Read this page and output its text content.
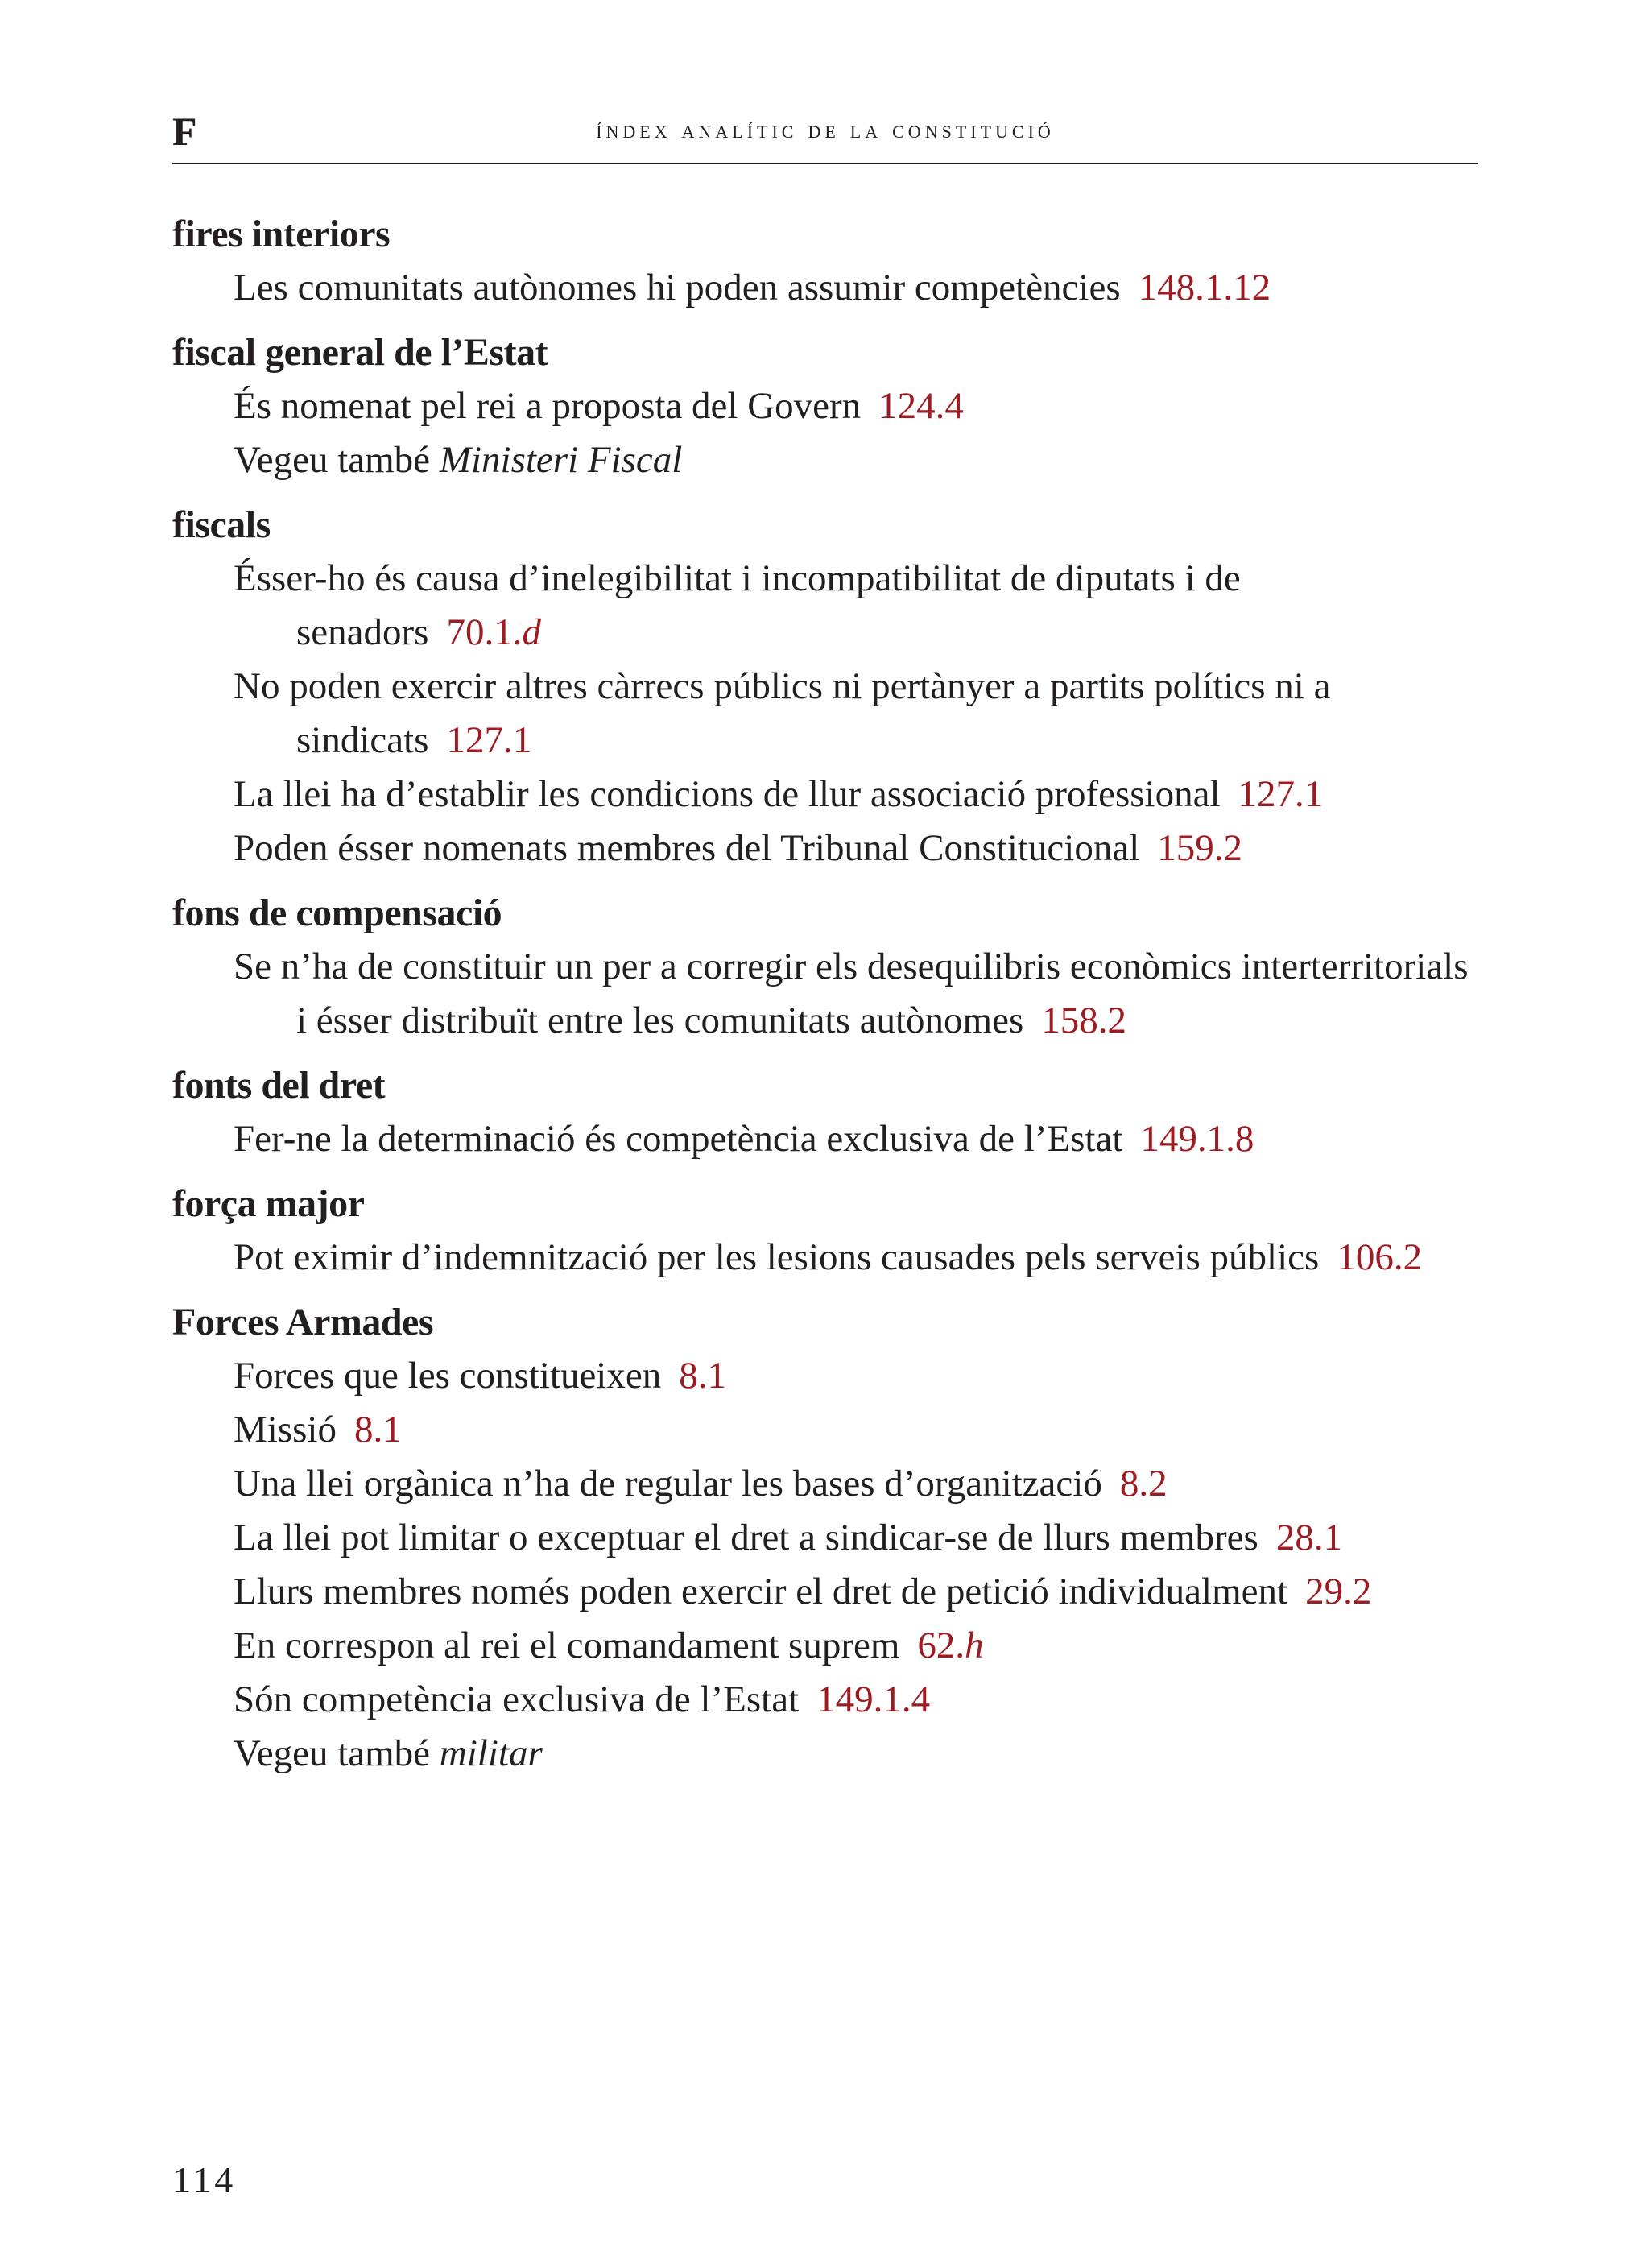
F	índex analític de la constitució
fires interiors
Les comunitats autònomes hi poden assumir competències 148.1.12
fiscal general de l’Estat
És nomenat pel rei a proposta del Govern 124.4
Vegeu també Ministeri Fiscal
fiscals
Ésser-ho és causa d’inelegibilitat i incompatibilitat de diputats i de senadors 70.1.d
No poden exercir altres càrrecs públics ni pertànyer a partits polítics ni a sindicats 127.1
La llei ha d’establir les condicions de llur associació professional 127.1
Poden ésser nomenats membres del Tribunal Constitucional 159.2
fons de compensació
Se n’ha de constituir un per a corregir els desequilibris econòmics interterritorials i ésser distribuït entre les comunitats autònomes 158.2
fonts del dret
Fer-ne la determinació és competència exclusiva de l’Estat 149.1.8
força major
Pot eximir d’indemnització per les lesions causades pels serveis públics 106.2
Forces Armades
Forces que les constitueixen 8.1
Missió 8.1
Una llei orgànica n’ha de regular les bases d’organització 8.2
La llei pot limitar o exceptuar el dret a sindicar-se de llurs membres 28.1
Llurs membres només poden exercir el dret de petició individualment 29.2
En correspon al rei el comandament suprem 62.h
Són competència exclusiva de l’Estat 149.1.4
Vegeu també militar
114
